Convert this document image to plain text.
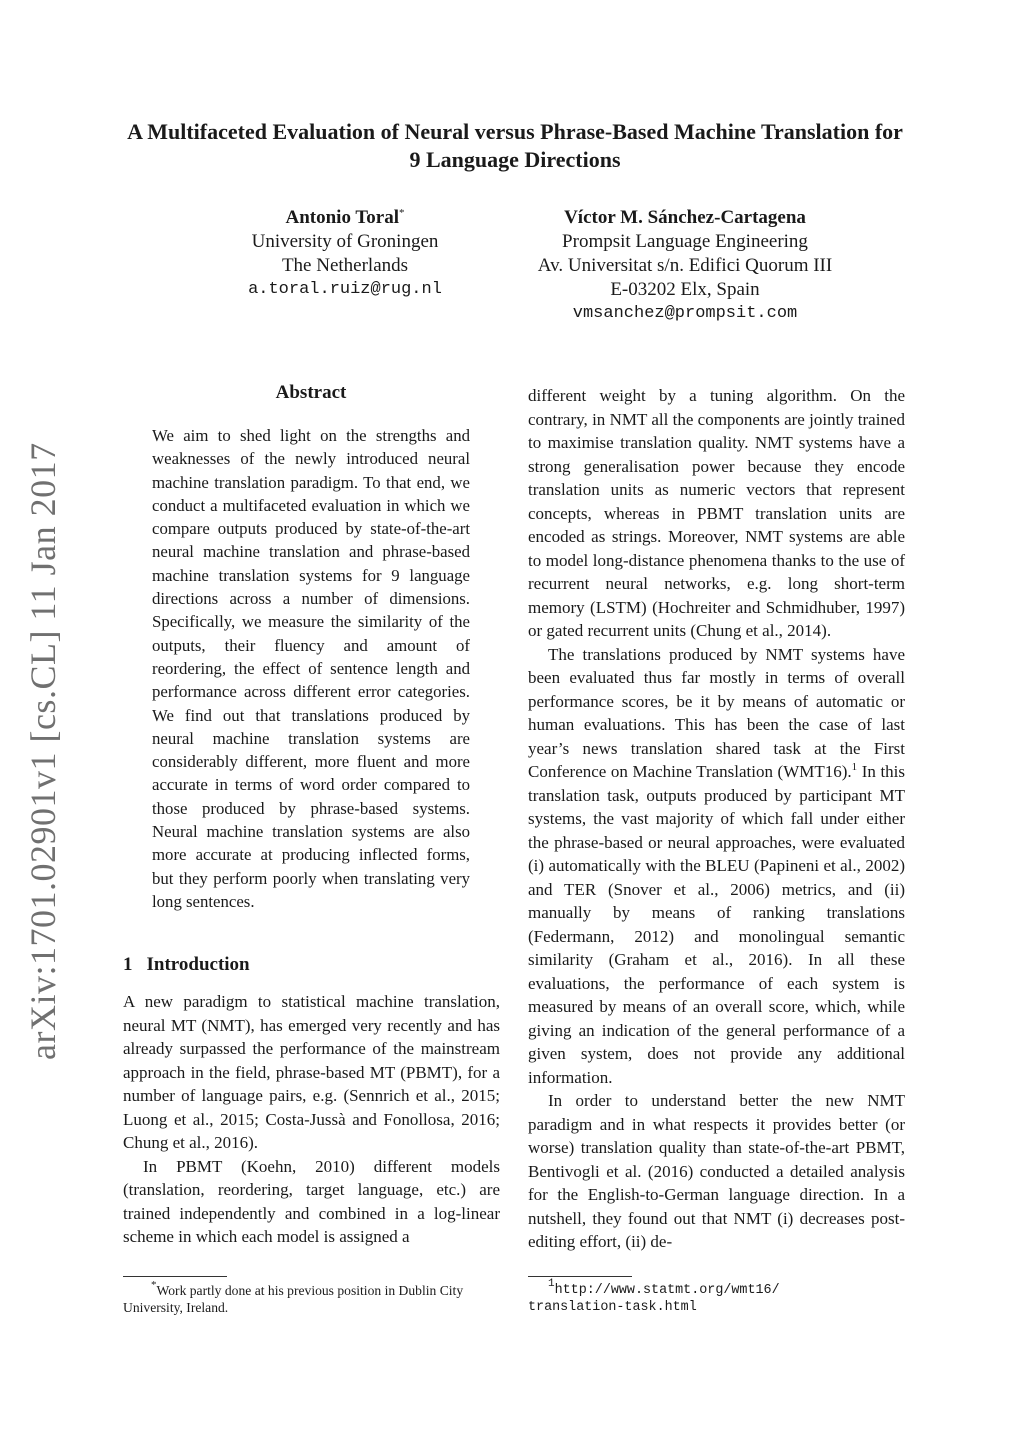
arXiv:1701.02901v1 [cs.CL] 11 Jan 2017
A Multifaceted Evaluation of Neural versus Phrase-Based Machine Translation for 9 Language Directions
Antonio Toral*
University of Groningen
The Netherlands
a.toral.ruiz@rug.nl
Víctor M. Sánchez-Cartagena
Prompsit Language Engineering
Av. Universitat s/n. Edifici Quorum III
E-03202 Elx, Spain
vmsanchez@prompsit.com
Abstract
We aim to shed light on the strengths and weaknesses of the newly introduced neural machine translation paradigm. To that end, we conduct a multifaceted evaluation in which we compare outputs produced by state-of-the-art neural machine translation and phrase-based machine translation systems for 9 language directions across a number of dimensions. Specifically, we measure the similarity of the outputs, their fluency and amount of reordering, the effect of sentence length and performance across different error categories. We find out that translations produced by neural machine translation systems are considerably different, more fluent and more accurate in terms of word order compared to those produced by phrase-based systems. Neural machine translation systems are also more accurate at producing inflected forms, but they perform poorly when translating very long sentences.
1 Introduction

A new paradigm to statistical machine translation, neural MT (NMT), has emerged very recently and has already surpassed the performance of the mainstream approach in the field, phrase-based MT (PBMT), for a number of language pairs, e.g. (Sennrich et al., 2015; Luong et al., 2015; Costa-Jussà and Fonollosa, 2016; Chung et al., 2016).

In PBMT (Koehn, 2010) different models (translation, reordering, target language, etc.) are trained independently and combined in a log-linear scheme in which each model is assigned a

different weight by a tuning algorithm. On the contrary, in NMT all the components are jointly trained to maximise translation quality. NMT systems have a strong generalisation power because they encode translation units as numeric vectors that represent concepts, whereas in PBMT translation units are encoded as strings. Moreover, NMT systems are able to model long-distance phenomena thanks to the use of recurrent neural networks, e.g. long short-term memory (LSTM) (Hochreiter and Schmidhuber, 1997) or gated recurrent units (Chung et al., 2014).

The translations produced by NMT systems have been evaluated thus far mostly in terms of overall performance scores, be it by means of automatic or human evaluations. This has been the case of last year’s news translation shared task at the First Conference on Machine Translation (WMT16).$^1$ In this translation task, outputs produced by participant MT systems, the vast majority of which fall under either the phrase-based or neural approaches, were evaluated (i) automatically with the BLEU (Papineni et al., 2002) and TER (Snover et al., 2006) metrics, and (ii) manually by means of ranking translations (Federmann, 2012) and monolingual semantic similarity (Graham et al., 2016). In all these evaluations, the performance of each system is measured by means of an overall score, which, while giving an indication of the general performance of a given system, does not provide any additional information.

In order to understand better the new NMT paradigm and in what respects it provides better (or worse) translation quality than state-of-the-art PBMT, Bentivogli et al. (2016) conducted a detailed analysis for the English-to-German language direction. In a nutshell, they found out that NMT (i) decreases post-editing effort, (ii) de-

*Work partly done at his previous position in Dublin City University, Ireland.
$^1$http://www.statmt.org/wmt16/
translation-task.html
